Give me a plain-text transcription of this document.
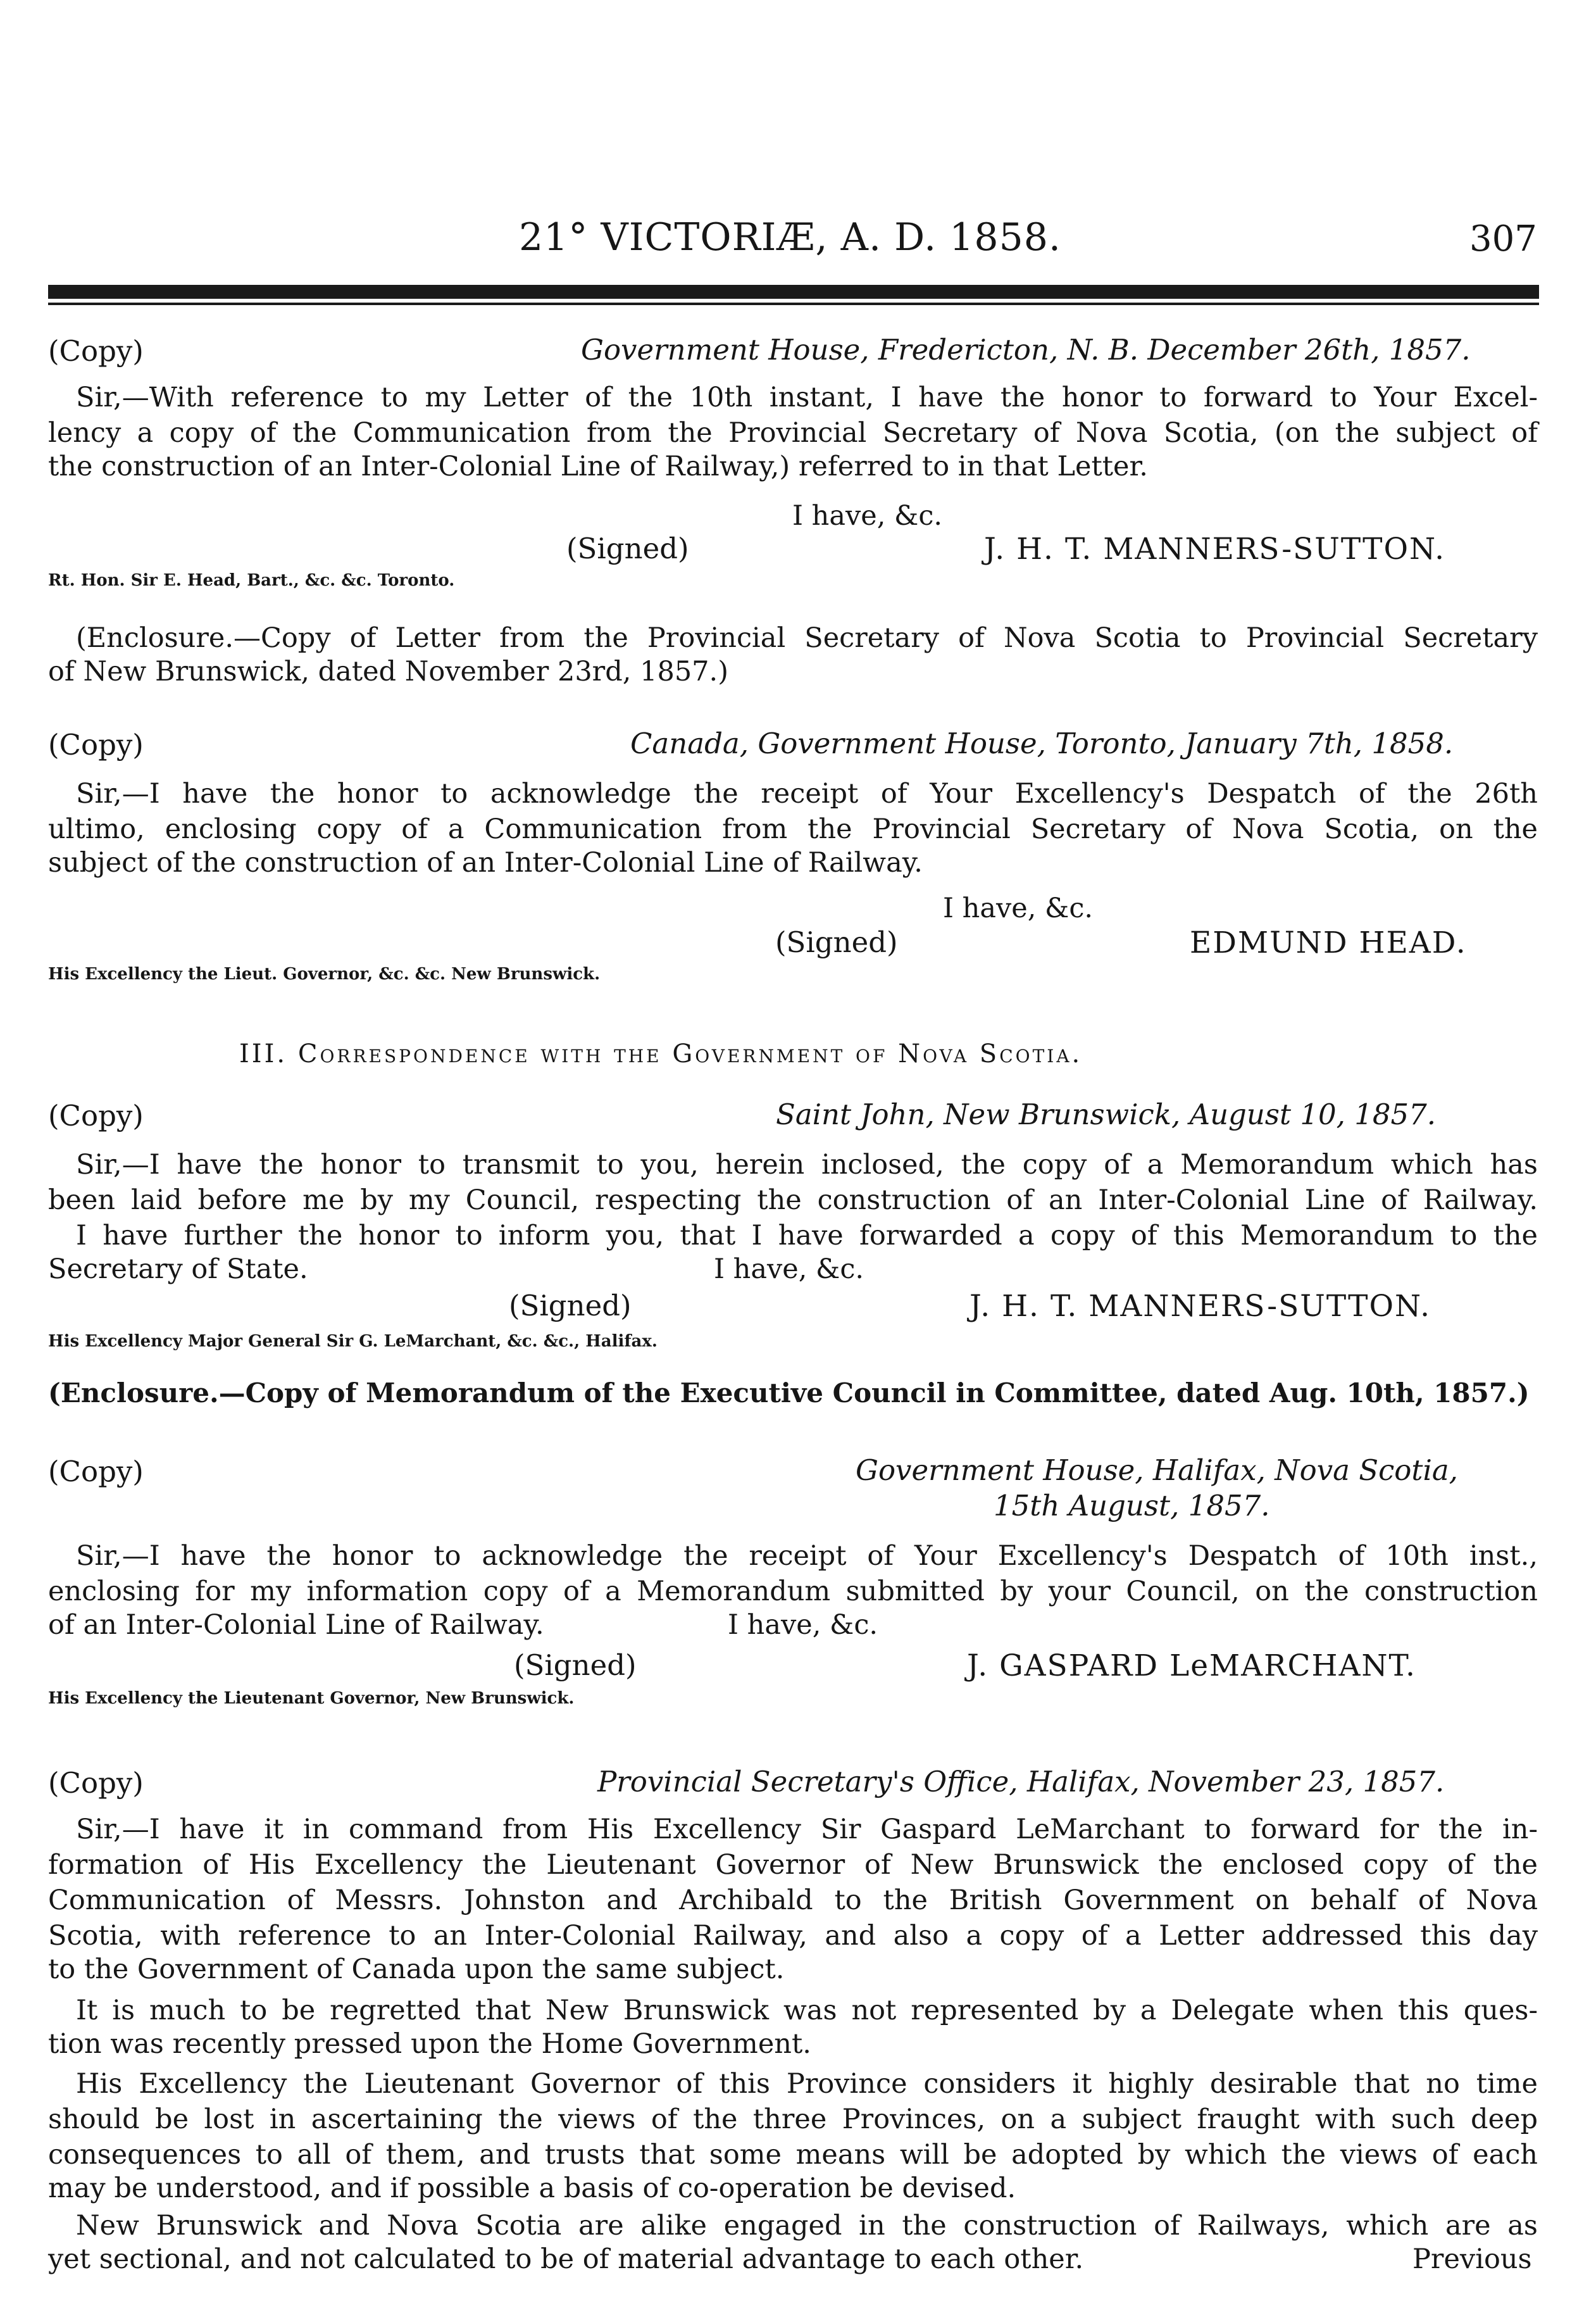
21° VICTORIÆ, A. D. 1858.	307
(Copy)	Government House, Fredericton, N. B. December 26th, 1857.
Sir,—With reference to my Letter of the 10th instant, I have the honor to forward to Your Excel-
lency a copy of the Communication from the Provincial Secretary of Nova Scotia, (on the subject of
the construction of an Inter-Colonial Line of Railway,) referred to in that Letter.
I have, &c.
(Signed)	J. H. T. MANNERS-SUTTON.
Rt. Hon. Sir E. Head, Bart., &c. &c. Toronto.
(Enclosure.—Copy of Letter from the Provincial Secretary of Nova Scotia to Provincial Secretary
of New Brunswick, dated November 23rd, 1857.)
(Copy)	Canada, Government House, Toronto, January 7th, 1858.
Sir,—I have the honor to acknowledge the receipt of Your Excellency's Despatch of the 26th
ultimo, enclosing copy of a Communication from the Provincial Secretary of Nova Scotia, on the
subject of the construction of an Inter-Colonial Line of Railway.
I have, &c.
(Signed)	EDMUND HEAD.
His Excellency the Lieut. Governor, &c. &c. New Brunswick.
III. Correspondence with the Government of Nova Scotia.
(Copy)	Saint John, New Brunswick, August 10, 1857.
Sir,—I have the honor to transmit to you, herein inclosed, the copy of a Memorandum which has
been laid before me by my Council, respecting the construction of an Inter-Colonial Line of Railway.
I have further the honor to inform you, that I have forwarded a copy of this Memorandum to the
Secretary of State.	I have, &c.
(Signed)	J. H. T. MANNERS-SUTTON.
His Excellency Major General Sir G. LeMarchant, &c. &c., Halifax.
(Enclosure.—Copy of Memorandum of the Executive Council in Committee, dated Aug. 10th, 1857.)
(Copy)	Government House, Halifax, Nova Scotia,
15th August, 1857.
Sir,—I have the honor to acknowledge the receipt of Your Excellency's Despatch of 10th inst.,
enclosing for my information copy of a Memorandum submitted by your Council, on the construction
of an Inter-Colonial Line of Railway.	I have, &c.
(Signed)	J. GASPARD LeMARCHANT.
His Excellency the Lieutenant Governor, New Brunswick.
(Copy)	Provincial Secretary's Office, Halifax, November 23, 1857.
Sir,—I have it in command from His Excellency Sir Gaspard LeMarchant to forward for the in-
formation of His Excellency the Lieutenant Governor of New Brunswick the enclosed copy of the
Communication of Messrs. Johnston and Archibald to the British Government on behalf of Nova
Scotia, with reference to an Inter-Colonial Railway, and also a copy of a Letter addressed this day
to the Government of Canada upon the same subject.
It is much to be regretted that New Brunswick was not represented by a Delegate when this ques-
tion was recently pressed upon the Home Government.
His Excellency the Lieutenant Governor of this Province considers it highly desirable that no time
should be lost in ascertaining the views of the three Provinces, on a subject fraught with such deep
consequences to all of them, and trusts that some means will be adopted by which the views of each
may be understood, and if possible a basis of co-operation be devised.
New Brunswick and Nova Scotia are alike engaged in the construction of Railways, which are as
yet sectional, and not calculated to be of material advantage to each other.	Previous
